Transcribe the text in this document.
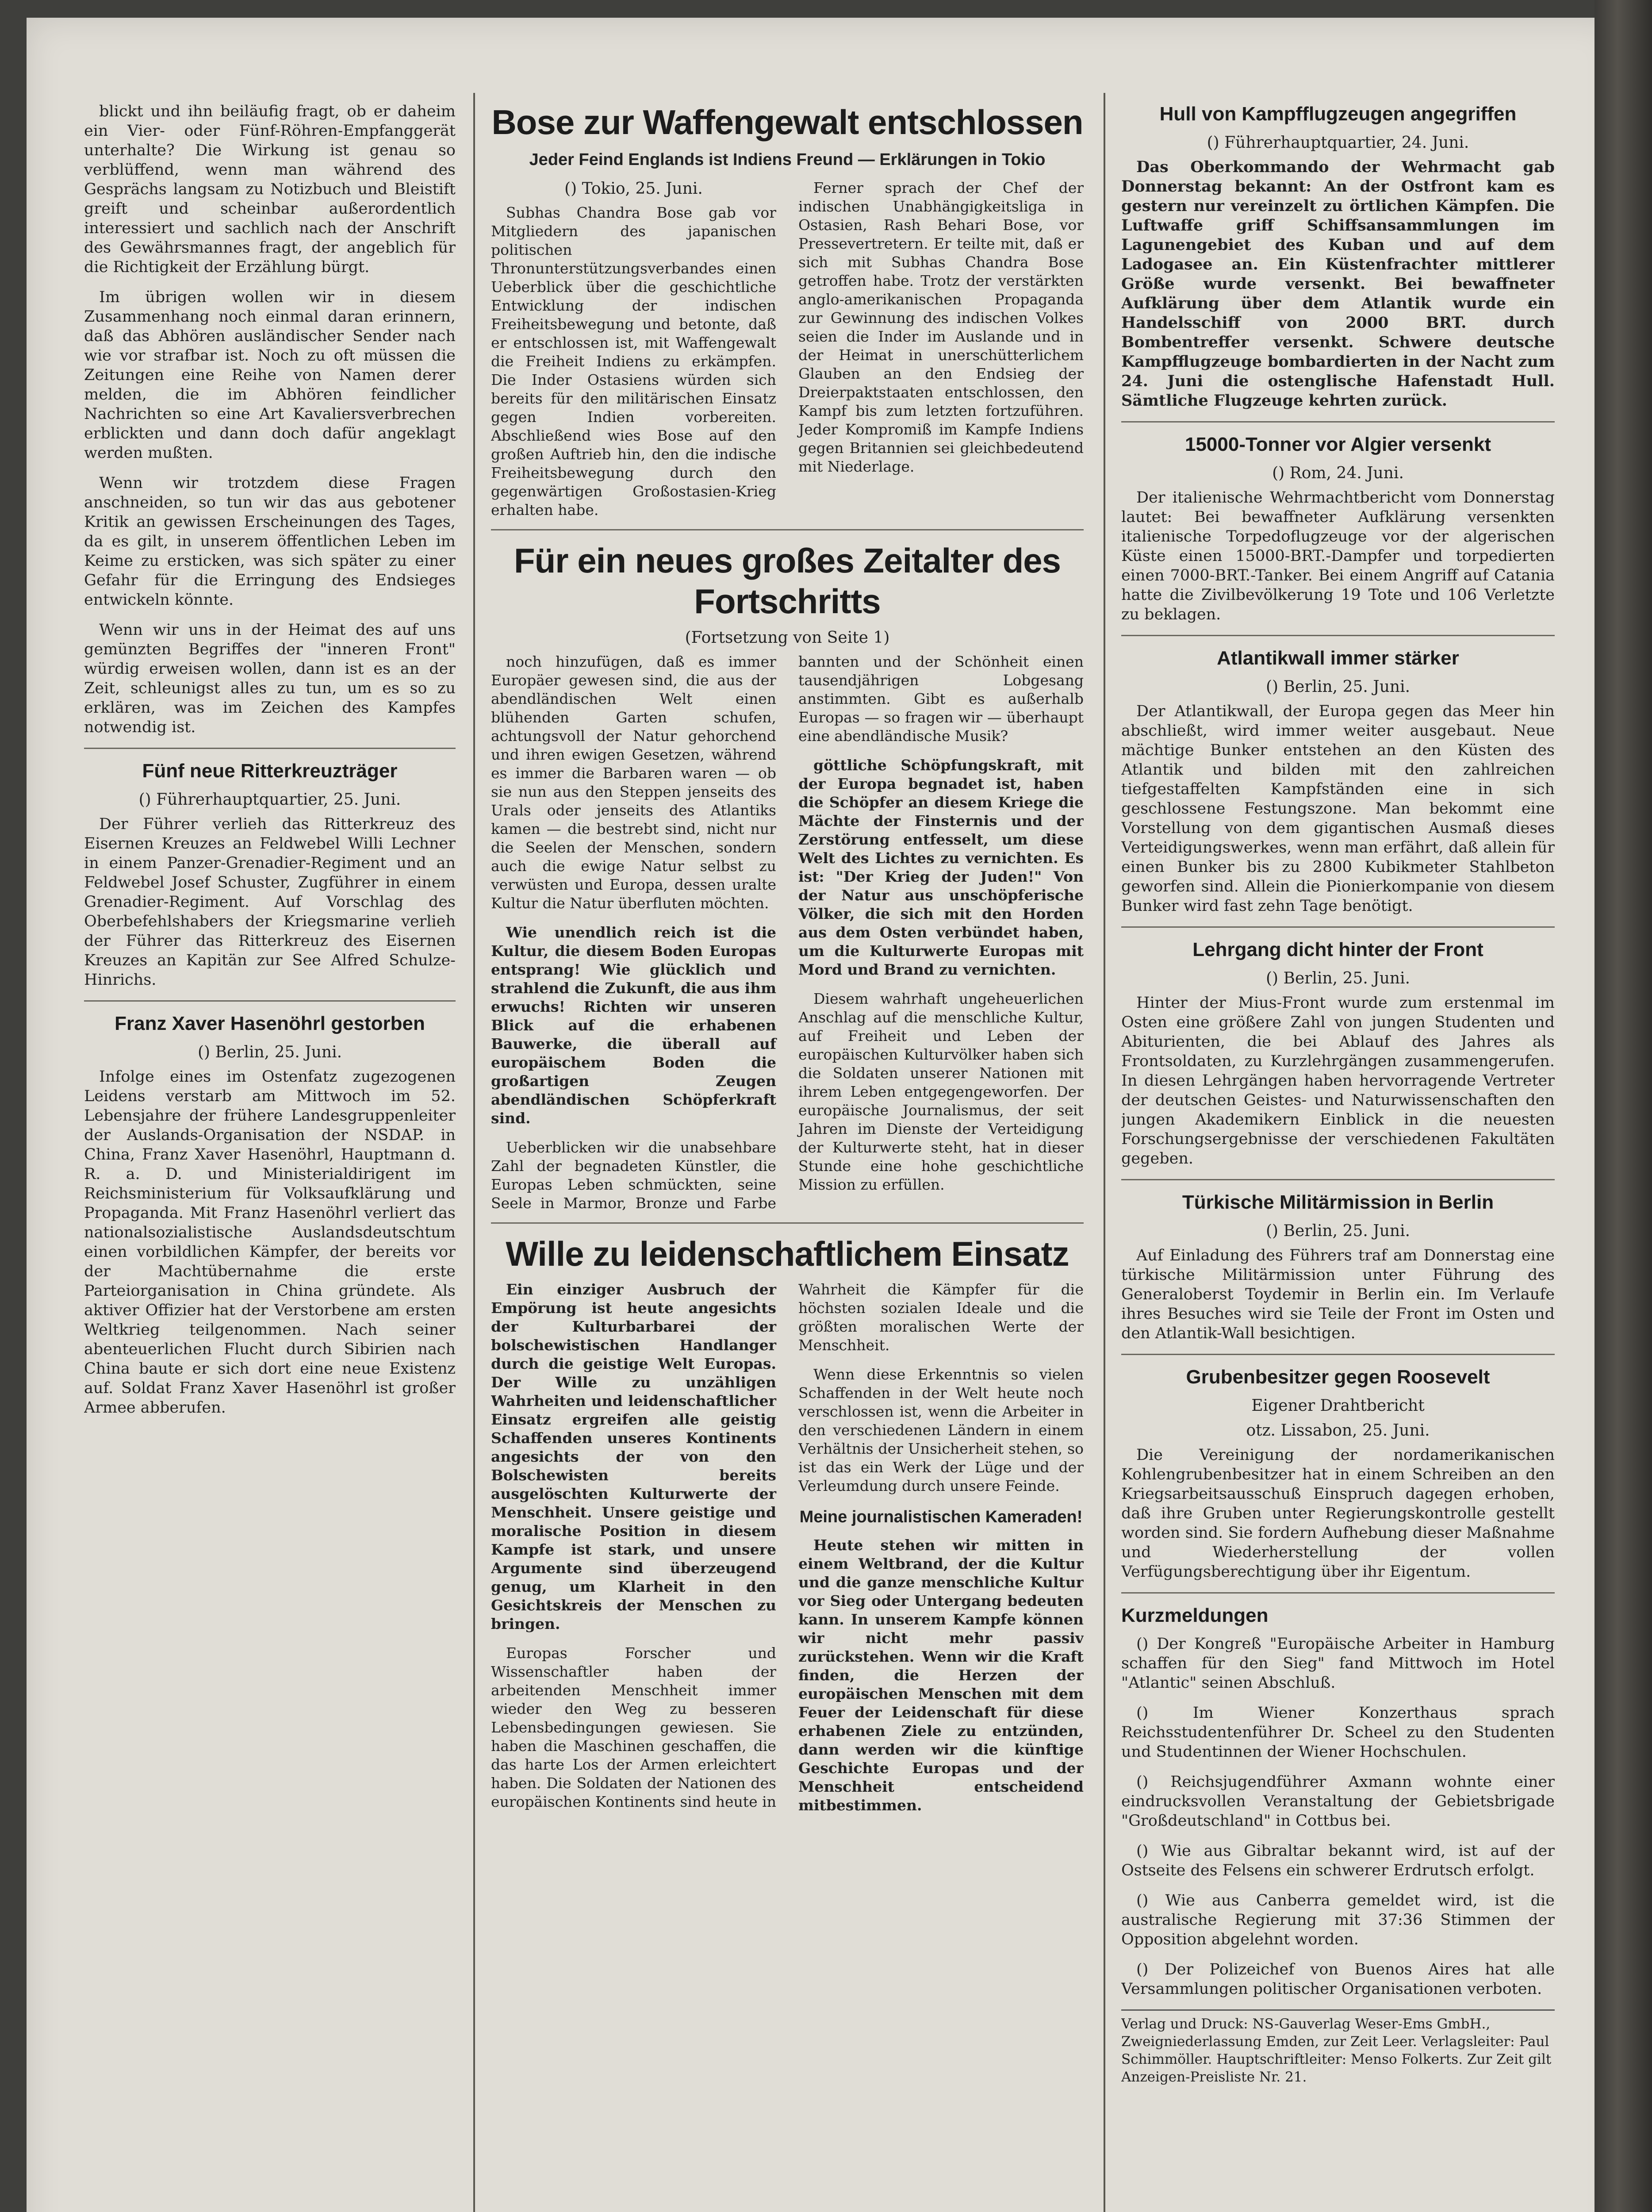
blickt und ihn beiläufig fragt, ob er daheim ein Vier- oder Fünf-Röhren-Empfanggerät unterhalte? Die Wirkung ist genau so verblüffend, wenn man während des Gesprächs langsam zu Notizbuch und Bleistift greift und scheinbar außerordentlich interessiert und sachlich nach der Anschrift des Gewährsmannes fragt, der angeblich für die Richtigkeit der Erzählung bürgt.

Im übrigen wollen wir in diesem Zusammenhang noch einmal daran erinnern, daß das Abhören ausländischer Sender nach wie vor strafbar ist. Noch zu oft müssen die Zeitungen eine Reihe von Namen derer melden, die im Abhören feindlicher Nachrichten so eine Art Kavaliersverbrechen erblickten und dann doch dafür angeklagt werden mußten.

Wenn wir trotzdem diese Fragen anschneiden, so tun wir das aus gebotener Kritik an gewissen Erscheinungen des Tages, da es gilt, in unserem öffentlichen Leben im Keime zu ersticken, was sich später zu einer Gefahr für die Erringung des Endsieges entwickeln könnte.

Wenn wir uns in der Heimat des auf uns gemünzten Begriffes der "inneren Front" würdig erweisen wollen, dann ist es an der Zeit, schleunigst alles zu tun, um es so zu erklären, was im Zeichen des Kampfes notwendig ist.

Fünf neue Ritterkreuzträger
() Führerhauptquartier, 25. Juni.

Der Führer verlieh das Ritterkreuz des Eisernen Kreuzes an Feldwebel Willi Lechner in einem Panzer-Grenadier-Regiment und an Feldwebel Josef Schuster, Zugführer in einem Grenadier-Regiment. Auf Vorschlag des Oberbefehlshabers der Kriegsmarine verlieh der Führer das Ritterkreuz des Eisernen Kreuzes an Kapitän zur See Alfred Schulze-Hinrichs.

Franz Xaver Hasenöhrl gestorben
() Berlin, 25. Juni.

Infolge eines im Ostenfatz zugezogenen Leidens verstarb am Mittwoch im 52. Lebensjahre der frühere Landesgruppenleiter der Auslands-Organisation der NSDAP. in China, Franz Xaver Hasenöhrl, Hauptmann d. R. a. D. und Ministerialdirigent im Reichsministerium für Volksaufklärung und Propaganda. Mit Franz Hasenöhrl verliert das nationalsozialistische Auslandsdeutschtum einen vorbildlichen Kämpfer, der bereits vor der Machtübernahme die erste Parteiorganisation in China gründete. Als aktiver Offizier hat der Verstorbene am ersten Weltkrieg teilgenommen. Nach seiner abenteuerlichen Flucht durch Sibirien nach China baute er sich dort eine neue Existenz auf. Soldat Franz Xaver Hasenöhrl ist großer Armee abberufen.

Bose zur Waffengewalt entschlossen
Jeder Feind Englands ist Indiens Freund — Erklärungen in Tokio
() Tokio, 25. Juni.

Subhas Chandra Bose gab vor Mitgliedern des japanischen politischen Thronunterstützungsverbandes einen Ueberblick über die geschichtliche Entwicklung der indischen Freiheitsbewegung und betonte, daß er entschlossen ist, mit Waffengewalt die Freiheit Indiens zu erkämpfen. Die Inder Ostasiens würden sich bereits für den militärischen Einsatz gegen Indien vorbereiten. Abschließend wies Bose auf den großen Auftrieb hin, den die indische Freiheitsbewegung durch den gegenwärtigen Großostasien-Krieg erhalten habe.

Ferner sprach der Chef der indischen Unabhängigkeitsliga in Ostasien, Rash Behari Bose, vor Pressevertretern. Er teilte mit, daß er sich mit Subhas Chandra Bose getroffen habe. Trotz der verstärkten anglo-amerikanischen Propaganda zur Gewinnung des indischen Volkes seien die Inder im Auslande und in der Heimat in unerschütterlichem Glauben an den Endsieg der Dreierpaktstaaten entschlossen, den Kampf bis zum letzten fortzuführen. Jeder Kompromiß im Kampfe Indiens gegen Britannien sei gleichbedeutend mit Niederlage.

Für ein neues großes Zeitalter des Fortschritts
(Fortsetzung von Seite 1)

noch hinzufügen, daß es immer Europäer gewesen sind, die aus der abendländischen Welt einen blühenden Garten schufen, achtungsvoll der Natur gehorchend und ihren ewigen Gesetzen, während es immer die Barbaren waren — ob sie nun aus den Steppen jenseits des Urals oder jenseits des Atlantiks kamen — die bestrebt sind, nicht nur die Seelen der Menschen, sondern auch die ewige Natur selbst zu verwüsten und Europa, dessen uralte Kultur die Natur überfluten möchten.

Wie unendlich reich ist die Kultur, die diesem Boden Europas entsprang! Wie glücklich und strahlend die Zukunft, die aus ihm erwuchs! Richten wir unseren Blick auf die erhabenen Bauwerke, die überall auf europäischem Boden die großartigen Zeugen abendländischen Schöpferkraft sind.

Ueberblicken wir die unabsehbare Zahl der begnadeten Künstler, die Europas Leben schmückten, seine Seele in Marmor, Bronze und Farbe bannten und der Schönheit einen tausendjährigen Lobgesang anstimmten. Gibt es außerhalb Europas — so fragen wir — überhaupt eine abendländische Musik?

göttliche Schöpfungskraft, mit der Europa begnadet ist, haben die Schöpfer an diesem Kriege die Mächte der Finsternis und der Zerstörung entfesselt, um diese Welt des Lichtes zu vernichten. Es ist: "Der Krieg der Juden!" Von der Natur aus unschöpferische Völker, die sich mit den Horden aus dem Osten verbündet haben, um die Kulturwerte Europas mit Mord und Brand zu vernichten.

Diesem wahrhaft ungeheuerlichen Anschlag auf die menschliche Kultur, auf Freiheit und Leben der europäischen Kulturvölker haben sich die Soldaten unserer Nationen mit ihrem Leben entgegengeworfen. Der europäische Journalismus, der seit Jahren im Dienste der Verteidigung der Kulturwerte steht, hat in dieser Stunde eine hohe geschichtliche Mission zu erfüllen.

Wille zu leidenschaftlichem Einsatz

Ein einziger Ausbruch der Empörung ist heute angesichts der Kulturbarbarei der bolschewistischen Handlanger durch die geistige Welt Europas. Der Wille zu unzähligen Wahrheiten und leidenschaftlicher Einsatz ergreifen alle geistig Schaffenden unseres Kontinents angesichts der von den Bolschewisten bereits ausgelöschten Kulturwerte der Menschheit. Unsere geistige und moralische Position in diesem Kampfe ist stark, und unsere Argumente sind überzeugend genug, um Klarheit in den Gesichtskreis der Menschen zu bringen.

Europas Forscher und Wissenschaftler haben der arbeitenden Menschheit immer wieder den Weg zu besseren Lebensbedingungen gewiesen. Sie haben die Maschinen geschaffen, die das harte Los der Armen erleichtert haben. Die Soldaten der Nationen des europäischen Kontinents sind heute in Wahrheit die Kämpfer für die höchsten sozialen Ideale und die größten moralischen Werte der Menschheit.

Wenn diese Erkenntnis so vielen Schaffenden in der Welt heute noch verschlossen ist, wenn die Arbeiter in den verschiedenen Ländern in einem Verhältnis der Unsicherheit stehen, so ist das ein Werk der Lüge und der Verleumdung durch unsere Feinde.

Meine journalistischen Kameraden!

Heute stehen wir mitten in einem Weltbrand, der die Kultur und die ganze menschliche Kultur vor Sieg oder Untergang bedeuten kann. In unserem Kampfe können wir nicht mehr passiv zurückstehen. Wenn wir die Kraft finden, die Herzen der europäischen Menschen mit dem Feuer der Leidenschaft für diese erhabenen Ziele zu entzünden, dann werden wir die künftige Geschichte Europas und der Menschheit entscheidend mitbestimmen.

Hull von Kampfflugzeugen angegriffen
() Führerhauptquartier, 24. Juni.

Das Oberkommando der Wehrmacht gab Donnerstag bekannt: An der Ostfront kam es gestern nur vereinzelt zu örtlichen Kämpfen. Die Luftwaffe griff Schiffsansammlungen im Lagunengebiet des Kuban und auf dem Ladogasee an. Ein Küstenfrachter mittlerer Größe wurde versenkt. Bei bewaffneter Aufklärung über dem Atlantik wurde ein Handelsschiff von 2000 BRT. durch Bombentreffer versenkt. Schwere deutsche Kampfflugzeuge bombardierten in der Nacht zum 24. Juni die ostenglische Hafenstadt Hull. Sämtliche Flugzeuge kehrten zurück.

15000-Tonner vor Algier versenkt
() Rom, 24. Juni.

Der italienische Wehrmachtbericht vom Donnerstag lautet: Bei bewaffneter Aufklärung versenkten italienische Torpedoflugzeuge vor der algerischen Küste einen 15000-BRT.-Dampfer und torpedierten einen 7000-BRT.-Tanker. Bei einem Angriff auf Catania hatte die Zivilbevölkerung 19 Tote und 106 Verletzte zu beklagen.

Atlantikwall immer stärker
() Berlin, 25. Juni.

Der Atlantikwall, der Europa gegen das Meer hin abschließt, wird immer weiter ausgebaut. Neue mächtige Bunker entstehen an den Küsten des Atlantik und bilden mit den zahlreichen tiefgestaffelten Kampfständen eine in sich geschlossene Festungszone. Man bekommt eine Vorstellung von dem gigantischen Ausmaß dieses Verteidigungswerkes, wenn man erfährt, daß allein für einen Bunker bis zu 2800 Kubikmeter Stahlbeton geworfen sind. Allein die Pionierkompanie von diesem Bunker wird fast zehn Tage benötigt.

Lehrgang dicht hinter der Front
() Berlin, 25. Juni.

Hinter der Mius-Front wurde zum erstenmal im Osten eine größere Zahl von jungen Studenten und Abiturienten, die bei Ablauf des Jahres als Frontsoldaten, zu Kurzlehrgängen zusammengerufen. In diesen Lehrgängen haben hervorragende Vertreter der deutschen Geistes- und Naturwissenschaften den jungen Akademikern Einblick in die neuesten Forschungsergebnisse der verschiedenen Fakultäten gegeben.

Türkische Militärmission in Berlin
() Berlin, 25. Juni.

Auf Einladung des Führers traf am Donnerstag eine türkische Militärmission unter Führung des Generaloberst Toydemir in Berlin ein. Im Verlaufe ihres Besuches wird sie Teile der Front im Osten und den Atlantik-Wall besichtigen.

Grubenbesitzer gegen Roosevelt
Eigener Drahtbericht
otz. Lissabon, 25. Juni.

Die Vereinigung der nordamerikanischen Kohlengrubenbesitzer hat in einem Schreiben an den Kriegsarbeitsausschuß Einspruch dagegen erhoben, daß ihre Gruben unter Regierungskontrolle gestellt worden sind. Sie fordern Aufhebung dieser Maßnahme und Wiederherstellung der vollen Verfügungsberechtigung über ihr Eigentum.

Kurzmeldungen

() Der Kongreß "Europäische Arbeiter in Hamburg schaffen für den Sieg" fand Mittwoch im Hotel "Atlantic" seinen Abschluß.

() Im Wiener Konzerthaus sprach Reichsstudentenführer Dr. Scheel zu den Studenten und Studentinnen der Wiener Hochschulen.

() Reichsjugendführer Axmann wohnte einer eindrucksvollen Veranstaltung der Gebietsbrigade "Großdeutschland" in Cottbus bei.

() Wie aus Gibraltar bekannt wird, ist auf der Ostseite des Felsens ein schwerer Erdrutsch erfolgt.

() Wie aus Canberra gemeldet wird, ist die australische Regierung mit 37:36 Stimmen der Opposition abgelehnt worden.

() Der Polizeichef von Buenos Aires hat alle Versammlungen politischer Organisationen verboten.

Verlag und Druck: NS-Gauverlag Weser-Ems GmbH., Zweigniederlassung Emden, zur Zeit Leer. Verlagsleiter: Paul Schimmöller. Hauptschriftleiter: Menso Folkerts. Zur Zeit gilt Anzeigen-Preisliste Nr. 21.
